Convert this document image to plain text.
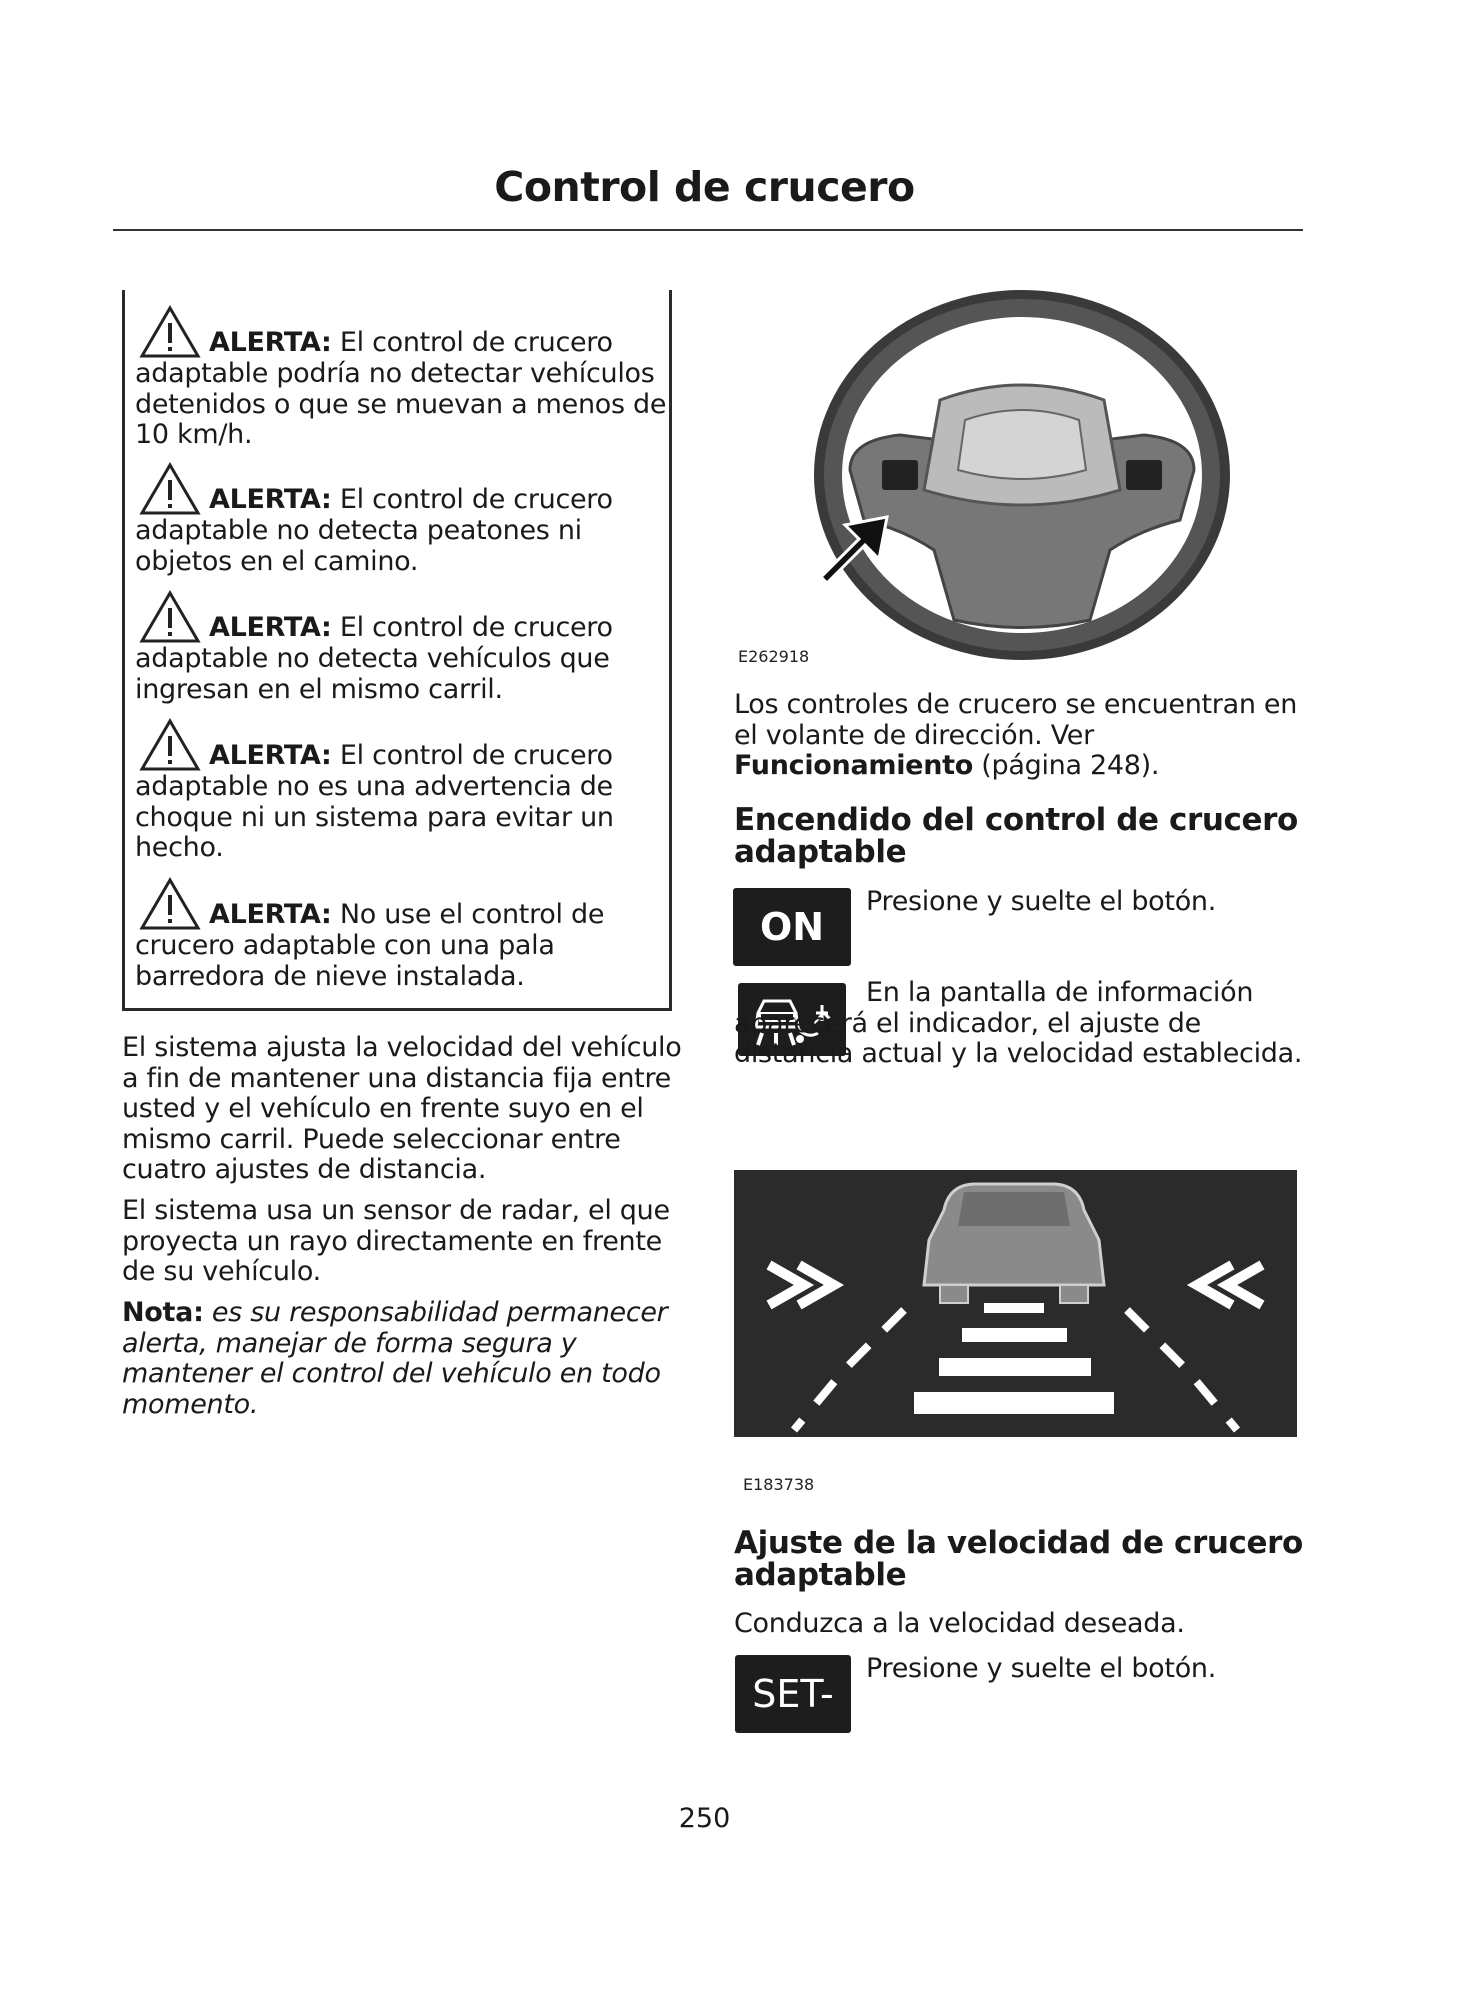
Control de crucero
ALERTA: El control de crucero adaptable podría no detectar vehículos detenidos o que se muevan a menos de 10 km/h.
ALERTA: El control de crucero adaptable no detecta peatones ni objetos en el camino.
ALERTA: El control de crucero adaptable no detecta vehículos que ingresan en el mismo carril.
ALERTA: El control de crucero adaptable no es una advertencia de choque ni un sistema para evitar un hecho.
ALERTA: No use el control de crucero adaptable con una pala barredora de nieve instalada.
El sistema ajusta la velocidad del vehículo a fin de mantener una distancia fija entre usted y el vehículo en frente suyo en el mismo carril. Puede seleccionar entre cuatro ajustes de distancia.
El sistema usa un sensor de radar, el que proyecta un rayo directamente en frente de su vehículo.
Nota: es su responsabilidad permanecer alerta, manejar de forma segura y mantener el control del vehículo en todo momento.
E262918
Los controles de crucero se encuentran en el volante de dirección. Ver
Funcionamiento (página 248).
Encendido del control de crucero adaptable
ON
Presione y suelte el botón.
En la pantalla de información aparecerá el indicador, el ajuste de distancia actual y la velocidad establecida.
E183738
Ajuste de la velocidad de crucero adaptable
Conduzca a la velocidad deseada.
SET-
Presione y suelte el botón.
250
